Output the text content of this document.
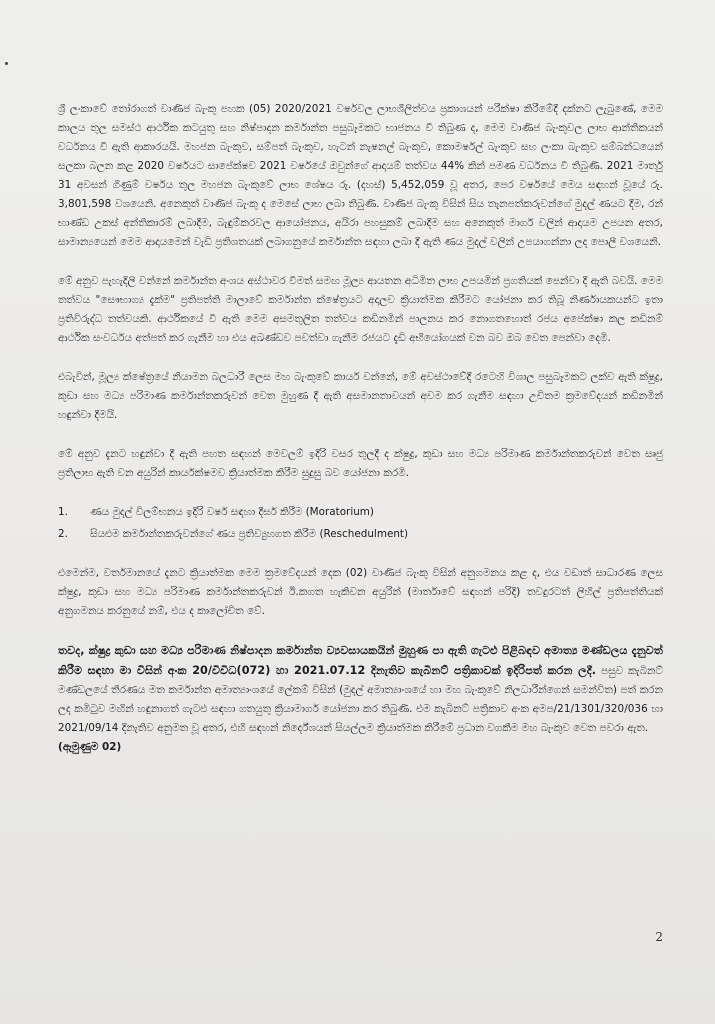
ශ්‍රී ලංකාවේ තෝරාගත් වාණිජ බැංකු පහක (05) 2020/2021 වර්ෂවල ලාභශීලිත්වය ප්‍රකාශයන් පරීක්ෂා කිරීමේදී දක්නට ලැබුණේ, මෙම කාලය තුල සමස්ථ ආර්ථික කටයුතු සහ නිෂ්පාදන කර්මාන්ත පසුබෑමකට භාජනය වී තිබුණ ද, මෙම වාණිජ බැංකුවල ලාභ ආන්තිකයන් වර්ධනය වී ඇති ආකාරයයි. මහජන බැංකුව, සම්පත් බැංකුව, හැටන් නැෂනල් බැංකුව, කොමර්ෂල් බැංකුව සහ ලංකා බැංකුව සම්බන්ධයෙන් සලකා බලන කළ 2020 වර්ෂයට සාපේක්ෂව 2021 වර්ෂයේ ඔවුන්ගේ ආදායම් තත්වය 44% කින් පමණ වර්ධනය වී තිබුණි. 2021 මාර්තු 31 අවසන් ගිණුම් වර්ෂය තුල මහජන බැංකුවේ ලාභ ශේෂය රු. (දහස්) 5,452,059 වූ අතර, පෙර වර්ෂයේ මෙය සඳහන් වූයේ රු. 3,801,598 වශයෙනි. අනෙකුත් වාණිජ බැංකු ද මෙසේ ලාභ ලබා තිබුණි. වාණිජ බැංකු විසින් සිය තැනපත්කරුවන්ගේ මුදල් ණයට දීම, රන් භාණ්ඩ උකස් අන්තිකාරම් ලබාදීම, බැඳුම්කරවල ආයෝජනය, අයිරා පහසුකම් ලබාදීම සහ අනෙකුත් මාර්ග වලින් ආදායම උපයන අතර, සාමාන්‍යයෙන් මෙම ආදායමෙන් වැඩි ප්‍රතිශතයක් ලබාගනුයේ කර්මාන්ත සඳහා ලබා දී ඇති ණය මුදල් වලින් උපයාගන්නා ලද පොලී වශයෙනි.

මේ අනුව පැහැදිලි වන්නේ කර්මාන්ත අංශය අස්ථාවර වීමත් සමඟ මූල්‍ය ආයතන අධිමිත ලාභ උපයමින් ප්‍රගතියක් පෙන්වා දී ඇති බවයි. මෙම තත්වය "සෞභාග්‍ය දැක්ම" ප්‍රතිපත්ති මාලාවේ කර්මාන්ත ක්ෂේත්‍රයට අදාලව ක්‍රියාත්මක කිරීමට යෝජනා කර තිබූ නිර්ණායකයන්ට ඉතා ප්‍රතිවිරුද්ධ තත්වයකි. ආර්ථිකයේ වී ඇති මෙම අසමතුලිත තත්වය කඩිනමින් පාලනය කර නොගතහොත් රජය අපේක්ෂා කල කඩිනම් ආර්ථික සංවර්ධය අත්පත් කර ගැනීම හා එය අඛණ්ඩව පවත්වා ගැනීම රජයට දැඩි අභියෝගයක් වන බව ඔබ වෙත පෙන්වා දෙමි.

එබැවින්, මූල්‍ය ක්ෂේත්‍රයේ නියාමන බලධාරී ලෙස මහ බැංකුවේ කාර්ය වන්නේ, මේ අවස්ථාවේදී රටෙහි විශාල පසුබෑමකට ලක්ව ඇති ක්ෂුද්‍ර, කුඩා සහ මධ්‍ය පරිමාණ කර්මාන්තකරුවන් වෙත මුහුණ දී ඇති අසමානතාවයන් අවම කර ගැනීම සඳහා උචිතම ක්‍රමවේදයන් කඩිනමින් හඳුන්වා දීමයි.

මේ අනුව දැනට හඳුන්වා දී ඇති පහත සඳහන් මෙවලම් ඉදිරි වසර තුලදී ද ක්ෂුද්‍ර, කුඩා සහ මධ්‍ය පරිමාණ කර්මාන්තකරුවන් වෙත සෘජු ප්‍රතිලාභ ඇති වන අයුරින් කාර්යක්ෂමව ක්‍රියාත්මක කිරීම සුදුසු බව යෝජනා කරමි.

1.	ණය මුදල් විලම්භනය ඉදිරි වර්ෂ සඳහා දීර්ඝ කිරීම (Moratorium)
2.	සියළුම කර්මාන්තකරුවන්ගේ ණය ප්‍රතිව්‍යුහගත කිරීම (Reschedulment)

එමෙන්ම, වර්තමානයේ දැනට ක්‍රියාත්මක මෙම ක්‍රමවේදයන් දෙක (02) වාණිජ බැංකු විසින් අනුගමනය කළ ද, එය වඩාත් සාධාරණ ලෙස ක්ෂුද්‍ර, කුඩා සහ මධ්‍ය පරිමාණ කර්මාන්තකරුවන් ඊ.කගත හැකිවන අයුරින් (මාර්තාවේ සඳහන් පරිදි) තවදුරටත් ලිහිල් ප්‍රතිපත්තියක් අනුගමනය කරනුයේ නම්, එය ද කාලෝචිත වේ.

තවද, ක්ෂුද්‍ර කුඩා සහ මධ්‍ය පරිමාණ නිෂ්පාදන කර්මාන්ත ව්‍යවසායකයින් මුහුණ පා ඇති ගැටළු පිළිබඳව අමාත්‍ය මණ්ඩලය දැනුවත් කිරීම සඳහා මා විසින් අංක 20/විවිධ(072) හා 2021.07.12 දිනැතිව කැබිනට් පත්‍රිකාවක් ඉදිරිපත් කරන ලදී. පසුව කැබිනට් මණ්ඩලයේ තීරණය මත කර්මාන්ත අමාත්‍යාංශයේ ලේකම් විසින් (මුදල් අමාත්‍යාංශයේ හා මහ බැංකුවේ නිලධාරීන්ගෙන් සමන්විත) පත් කරන ලද කමිටුව මඟින් හඳුනාගත් ගැටළු සඳහා ගතයුතු ක්‍රියාමාර්ග යෝජනා කර තිබුණි. එම කැබිනට් පත්‍රිකාව අංක අමප/21/1301/320/036 හා 2021/09/14 දිනැතිව අනුමත වූ අතර, එහි සඳහන් නිර්දේශයන් සියල්ලම ක්‍රියාත්මක කිරීමේ ප්‍රධාන වගකීම මහ බැංකුව වෙත පවරා ඇත.

(ඇමුණුම 02)

2
